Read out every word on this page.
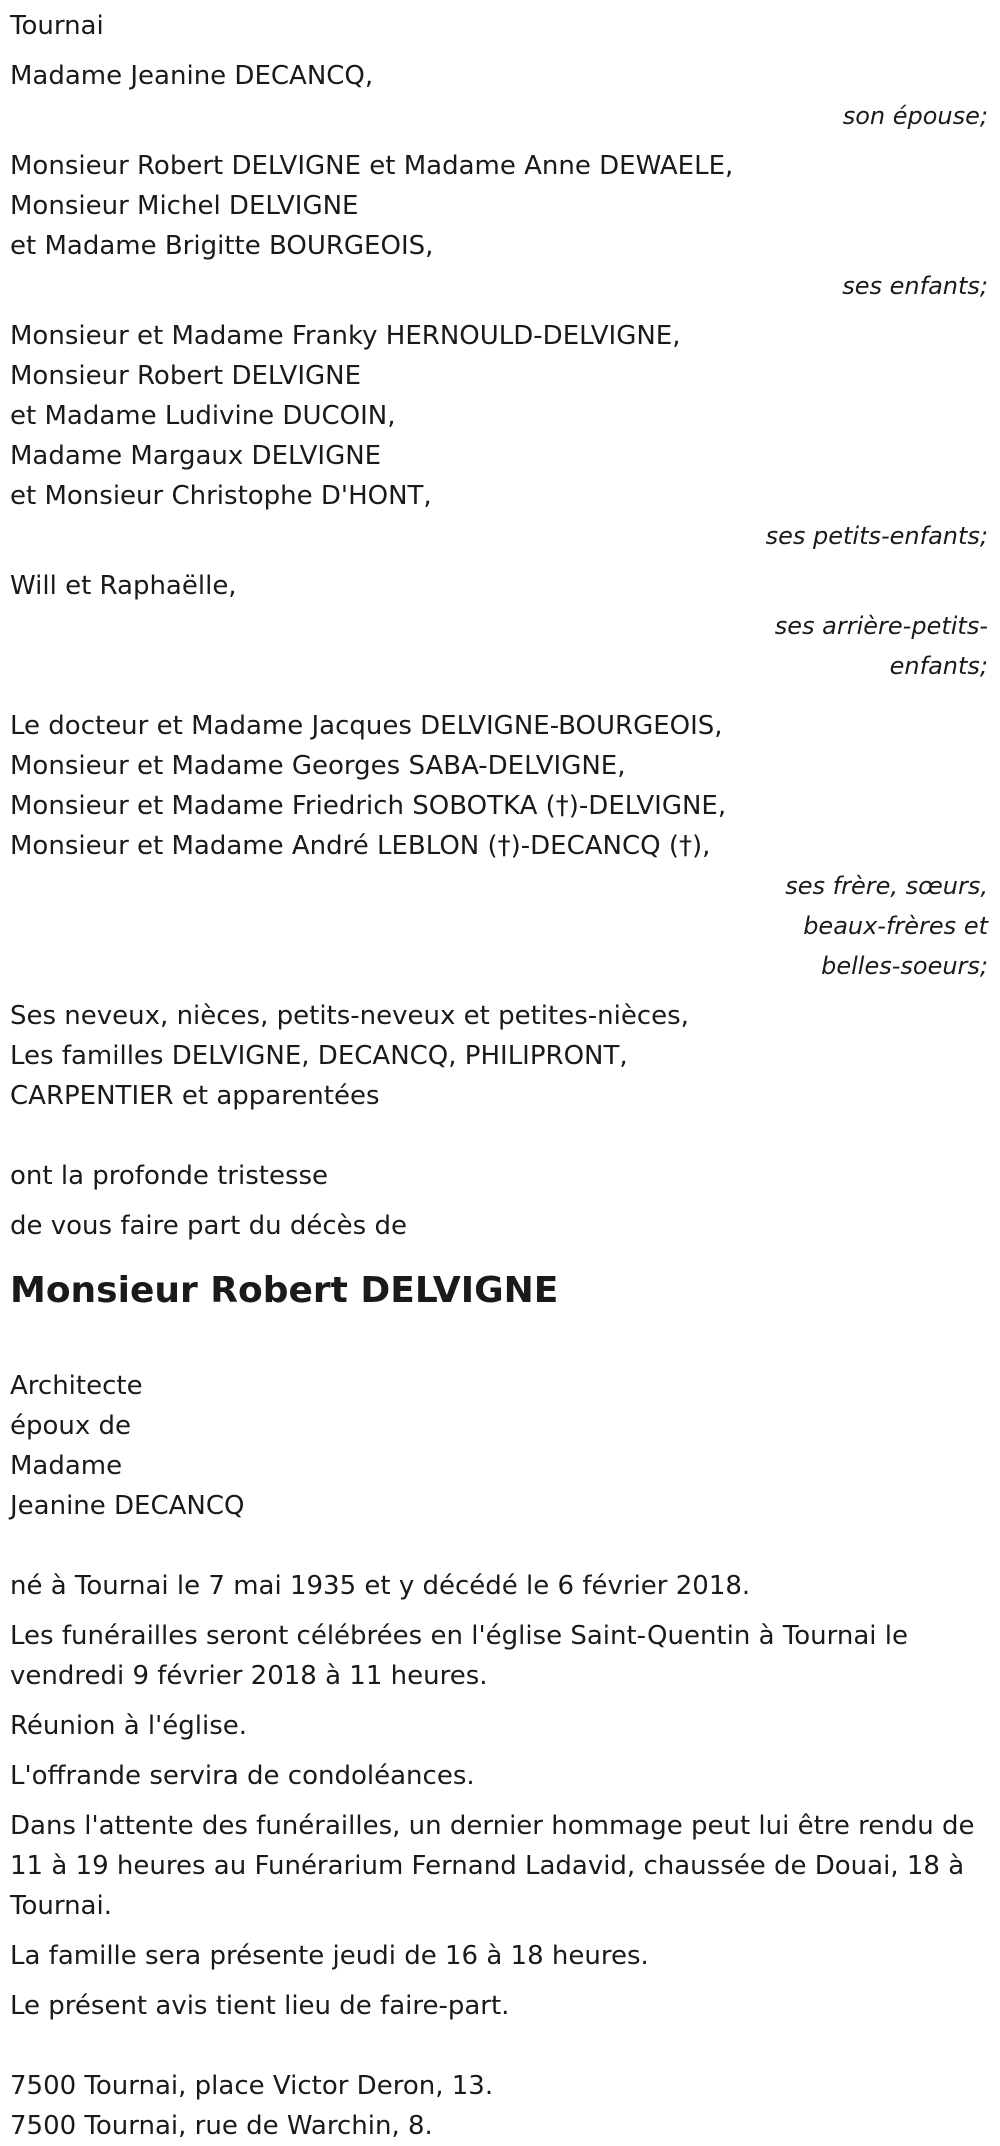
Tournai
Madame Jeanine DECANCQ,
son épouse;
Monsieur Robert DELVIGNE et Madame Anne DEWAELE,
Monsieur Michel DELVIGNE
et Madame Brigitte BOURGEOIS,
ses enfants;
Monsieur et Madame Franky HERNOULD-DELVIGNE,
Monsieur Robert DELVIGNE
et Madame Ludivine DUCOIN,
Madame Margaux DELVIGNE
et Monsieur Christophe D'HONT,
ses petits-enfants;
Will et Raphaëlle,
ses arrière-petits-
enfants;
Le docteur et Madame Jacques DELVIGNE-BOURGEOIS,
Monsieur et Madame Georges SABA-DELVIGNE,
Monsieur et Madame Friedrich SOBOTKA (†)-DELVIGNE,
Monsieur et Madame André LEBLON (†)-DECANCQ (†),
ses frère, sœurs,
beaux-frères et
belles-soeurs;
Ses neveux, nièces, petits-neveux et petites-nièces,
Les familles DELVIGNE, DECANCQ, PHILIPRONT,
CARPENTIER et apparentées
ont la profonde tristesse
de vous faire part du décès de
Monsieur Robert DELVIGNE
Architecte
époux de
Madame
Jeanine DECANCQ

né à Tournai le 7 mai 1935 et y décédé le 6 février 2018.

Les funérailles seront célébrées en l'église Saint-Quentin à Tournai le vendredi 9 février 2018 à 11 heures.

Réunion à l'église.

L'offrande servira de condoléances.

Dans l'attente des funérailles, un dernier hommage peut lui être rendu de 11 à 19 heures au Funérarium Fernand Ladavid, chaussée de Douai, 18 à Tournai.

La famille sera présente jeudi de 16 à 18 heures.

Le présent avis tient lieu de faire-part.

7500 Tournai, place Victor Deron, 13.
7500 Tournai, rue de Warchin, 8.
